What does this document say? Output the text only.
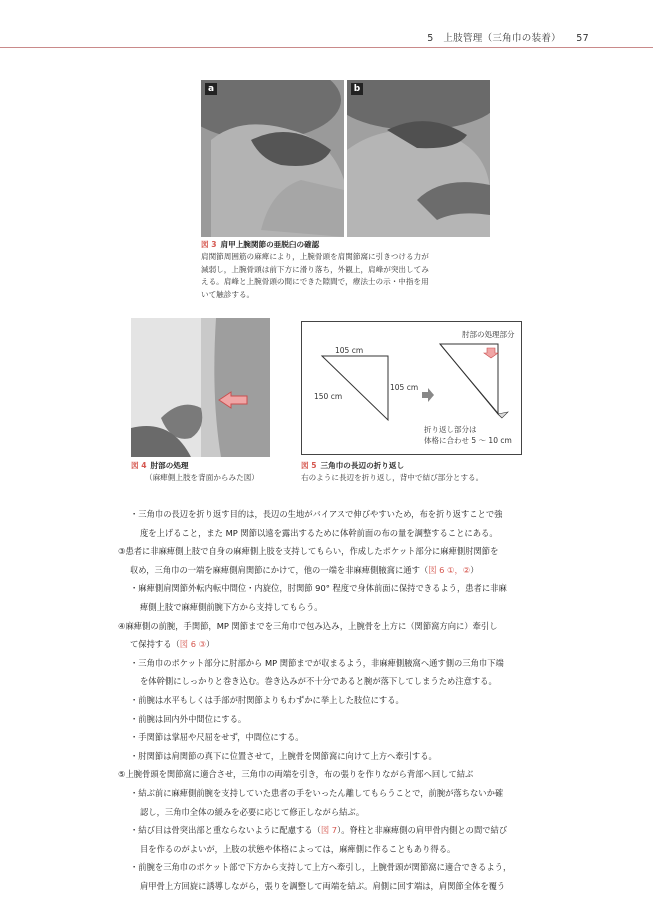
5　上肢管理（三角巾の装着） 57
a	b
図 3 肩甲上腕関節の亜脱臼の確認
肩関節周囲筋の麻痺により，上腕骨頭を肩関節窩に引きつける力が
減弱し，上腕骨頭は前下方に滑り落ち，外観上，肩峰が突出してみ
える。肩峰と上腕骨頭の間にできた隙間で，療法士の示・中指を用
いて触診する。
図 4 肘部の処理
（麻痺側上肢を背面からみた図）
105 cm
105 cm
150 cm
肘部の処理部分
折り返し部分は
体格に合わせ 5 〜 10 cm
図 5 三角巾の長辺の折り返し
右のように長辺を折り返し，背中で結び部分とする。

・三角巾の長辺を折り返す目的は，長辺の生地がバイアスで伸びやすいため，布を折り返すことで強

度を上げること，また MP 関節以遠を露出するために体幹前面の布の量を調整することにある。

③患者に非麻痺側上肢で自身の麻痺側上肢を支持してもらい，作成したポケット部分に麻痺側肘関節を

収め，三角巾の一端を麻痺側肩関節にかけて，他の一端を非麻痺側腋窩に通す（図 6 ①，②）

・麻痺側肩関節外転内転中間位・内旋位，肘関節 90° 程度で身体前面に保持できるよう，患者に非麻

痺側上肢で麻痺側前腕下方から支持してもらう。

④麻痺側の前腕，手関節，MP 関節までを三角巾で包み込み，上腕骨を上方に（関節窩方向に）牽引し

て保持する（図 6 ③）

・三角巾のポケット部分に肘部から MP 関節までが収まるよう，非麻痺側腋窩へ通す側の三角巾下端

を体幹側にしっかりと巻き込む。巻き込みが不十分であると腕が落下してしまうため注意する。

・前腕は水平もしくは手部が肘関節よりもわずかに挙上した肢位にする。

・前腕は回内外中間位にする。

・手関節は掌屈や尺屈をせず，中間位にする。

・肘関節は肩関節の真下に位置させて，上腕骨を関節窩に向けて上方へ牽引する。

⑤上腕骨頭を関節窩に適合させ，三角巾の両端を引き，布の張りを作りながら背部へ回して結ぶ

・結ぶ前に麻痺側前腕を支持していた患者の手をいったん離してもらうことで，前腕が落ちないか確

認し，三角巾全体の緩みを必要に応じて修正しながら結ぶ。

・結び目は骨突出部と重ならないように配慮する（図 7）。脊柱と非麻痺側の肩甲骨内側との間で結び

目を作るのがよいが，上肢の状態や体格によっては，麻痺側に作ることもあり得る。

・前腕を三角巾のポケット部で下方から支持して上方へ牽引し，上腕骨頭が関節窩に適合できるよう，

肩甲骨上方回旋に誘導しながら，張りを調整して両端を結ぶ。肩側に回す端は，肩関節全体を覆う
